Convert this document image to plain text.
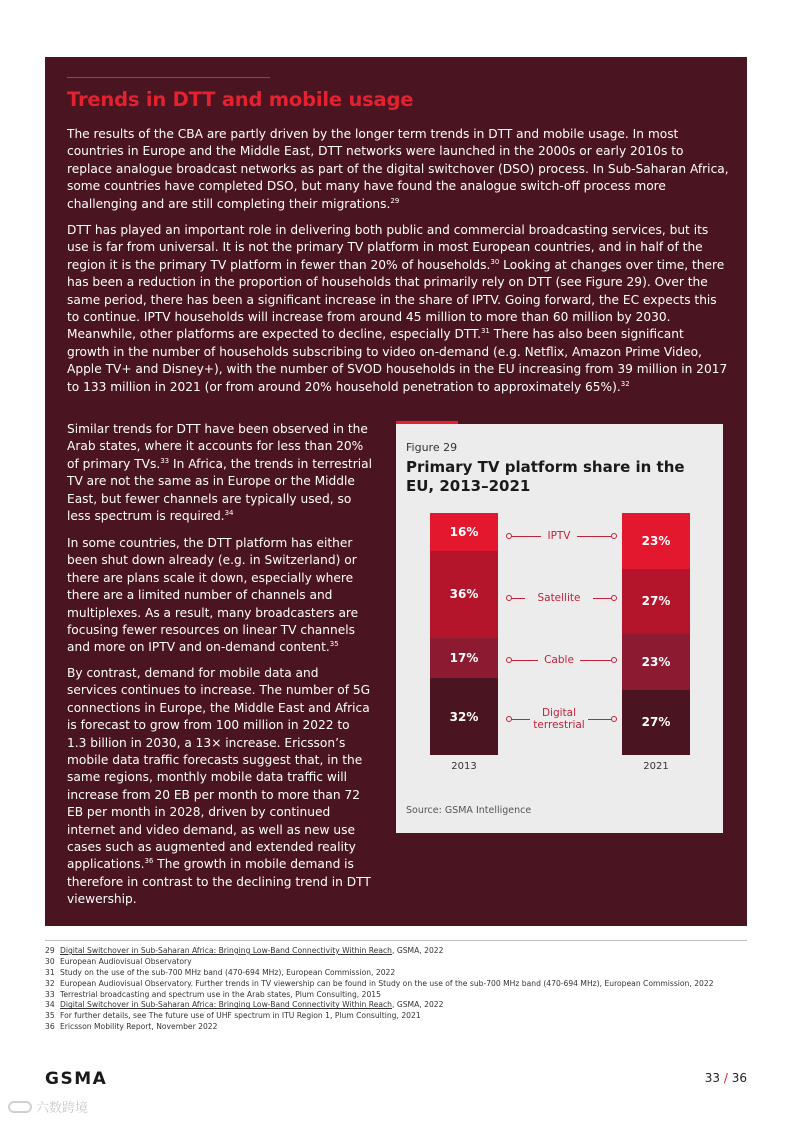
Trends in DTT and mobile usage

The results of the CBA are partly driven by the longer term trends in DTT and mobile usage. In most countries in Europe and the Middle East, DTT networks were launched in the 2000s or early 2010s to replace analogue broadcast networks as part of the digital switchover (DSO) process. In Sub-Saharan Africa, some countries have completed DSO, but many have found the analogue switch-off process more challenging and are still completing their migrations.$^{29}$

DTT has played an important role in delivering both public and commercial broadcasting services, but its use is far from universal. It is not the primary TV platform in most European countries, and in half of the region it is the primary TV platform in fewer than 20% of households.$^{30}$ Looking at changes over time, there has been a reduction in the proportion of households that primarily rely on DTT (see Figure 29). Over the same period, there has been a significant increase in the share of IPTV. Going forward, the EC expects this to continue. IPTV households will increase from around 45 million to more than 60 million by 2030. Meanwhile, other platforms are expected to decline, especially DTT.$^{31}$ There has also been significant growth in the number of households subscribing to video on-demand (e.g. Netflix, Amazon Prime Video, Apple TV+ and Disney+), with the number of SVOD households in the EU increasing from 39 million in 2017 to 133 million in 2021 (or from around 20% household penetration to approximately 65%).$^{32}$

Similar trends for DTT have been observed in the Arab states, where it accounts for less than 20% of primary TVs.$^{33}$ In Africa, the trends in terrestrial TV are not the same as in Europe or the Middle East, but fewer channels are typically used, so less spectrum is required.$^{34}$

In some countries, the DTT platform has either been shut down already (e.g. in Switzerland) or there are plans scale it down, especially where there are a limited number of channels and multiplexes. As a result, many broadcasters are focusing fewer resources on linear TV channels and more on IPTV and on-demand content.$^{35}$

By contrast, demand for mobile data and services continues to increase. The number of 5G connections in Europe, the Middle East and Africa is forecast to grow from 100 million in 2022 to 1.3 billion in 2030, a 13× increase. Ericsson’s mobile data traffic forecasts suggest that, in the same regions, monthly mobile data traffic will increase from 20 EB per month to more than 72 EB per month in 2028, driven by continued internet and video demand, as well as new use cases such as augmented and extended reality applications.$^{36}$ The growth in mobile demand is therefore in contrast to the declining trend in DTT viewership.

Figure 29
Primary TV platform share in the EU, 2013–2021
32%
17%
36%
16%
2013
27%
23%
27%
23%
2021
Digital terrestrial
Cable
Satellite
IPTV
Source: GSMA Intelligence
29 Digital Switchover in Sub-Saharan Africa: Bringing Low-Band Connectivity Within Reach, GSMA, 2022
30 European Audiovisual Observatory
31 Study on the use of the sub-700 MHz band (470-694 MHz), European Commission, 2022
32 European Audiovisual Observatory. Further trends in TV viewership can be found in Study on the use of the sub-700 MHz band (470-694 MHz), European Commission, 2022
33 Terrestrial broadcasting and spectrum use in the Arab states, Plum Consulting, 2015
34 Digital Switchover in Sub-Saharan Africa: Bringing Low-Band Connectivity Within Reach, GSMA, 2022
35 For further details, see The future use of UHF spectrum in ITU Region 1, Plum Consulting, 2021
36 Ericsson Mobility Report, November 2022
GSMA	33 / 36
六数跨境
